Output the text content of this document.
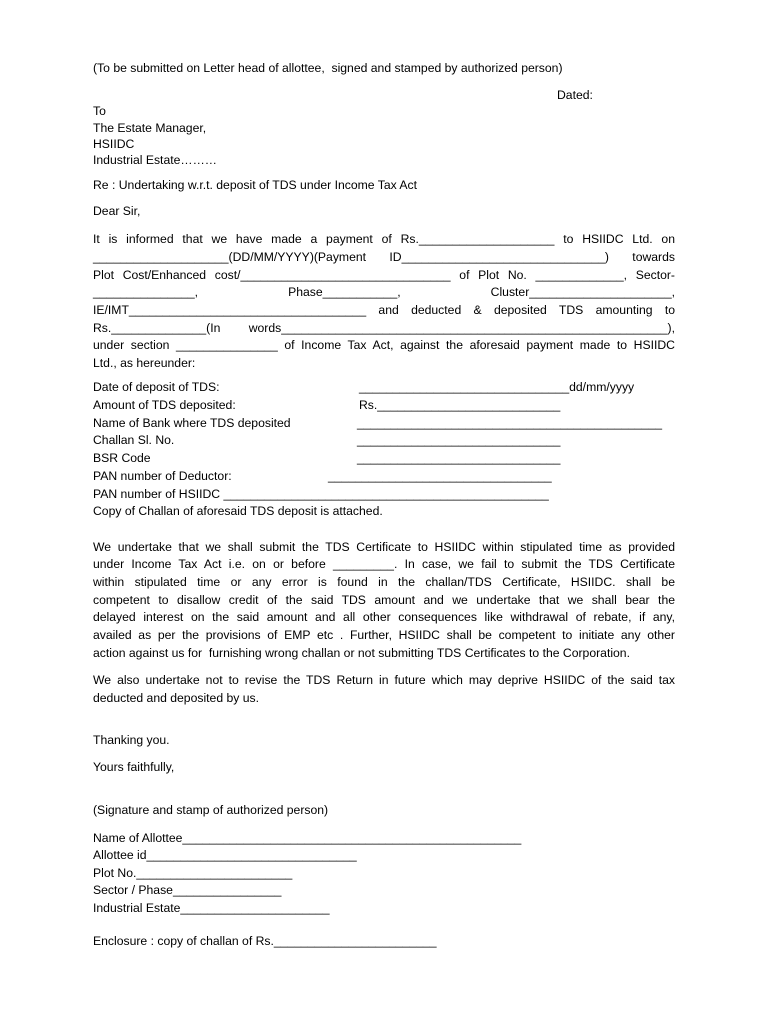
(To be submitted on Letter head of allottee,  signed and stamped by authorized person)
Dated:
To
The Estate Manager,
HSIIDC
Industrial Estate………
Re : Undertaking w.r.t. deposit of TDS under Income Tax Act
Dear Sir,
It is informed that we have made a payment of Rs.____________________ to HSIIDC Ltd. on
____________________(DD/MM/YYYY)(Payment ID______________________________) towards
Plot Cost/Enhanced cost/_______________________________ of Plot No. _____________, Sector-
_______________, Phase___________, Cluster_____________________,
IE/IMT___________________________________ and deducted & deposited TDS amounting to
Rs.______________(In words_________________________________________________________),
under section _______________ of Income Tax Act, against the aforesaid payment made to HSIIDC
Ltd., as hereunder:
Date of deposit of TDS:	_______________________________dd/mm/yyyy
Amount of TDS deposited:	Rs.___________________________
Name of Bank where TDS deposited	_____________________________________________
Challan Sl. No.	______________________________
BSR Code	______________________________
PAN number of Deductor:	_________________________________
PAN number of HSIIDC ________________________________________________
Copy of Challan of aforesaid TDS deposit is attached.
We undertake that we shall submit the TDS Certificate to HSIIDC within stipulated time as provided
under Income Tax Act i.e. on or before _________. In case, we fail to submit the TDS Certificate
within stipulated time or any error is found in the challan/TDS Certificate, HSIIDC. shall be
competent to disallow credit of the said TDS amount and we undertake that we shall bear the
delayed interest on the said amount and all other consequences like withdrawal of rebate, if any,
availed as per the provisions of EMP etc . Further, HSIIDC shall be competent to initiate any other
action against us for  furnishing wrong challan or not submitting TDS Certificates to the Corporation.
We also undertake not to revise the TDS Return in future which may deprive HSIIDC of the said tax
deducted and deposited by us.
Thanking you.
Yours faithfully,
(Signature and stamp of authorized person)
Name of Allottee__________________________________________________
Allottee id_______________________________
Plot No._______________________
Sector / Phase________________
Industrial Estate______________________
Enclosure : copy of challan of Rs.________________________
